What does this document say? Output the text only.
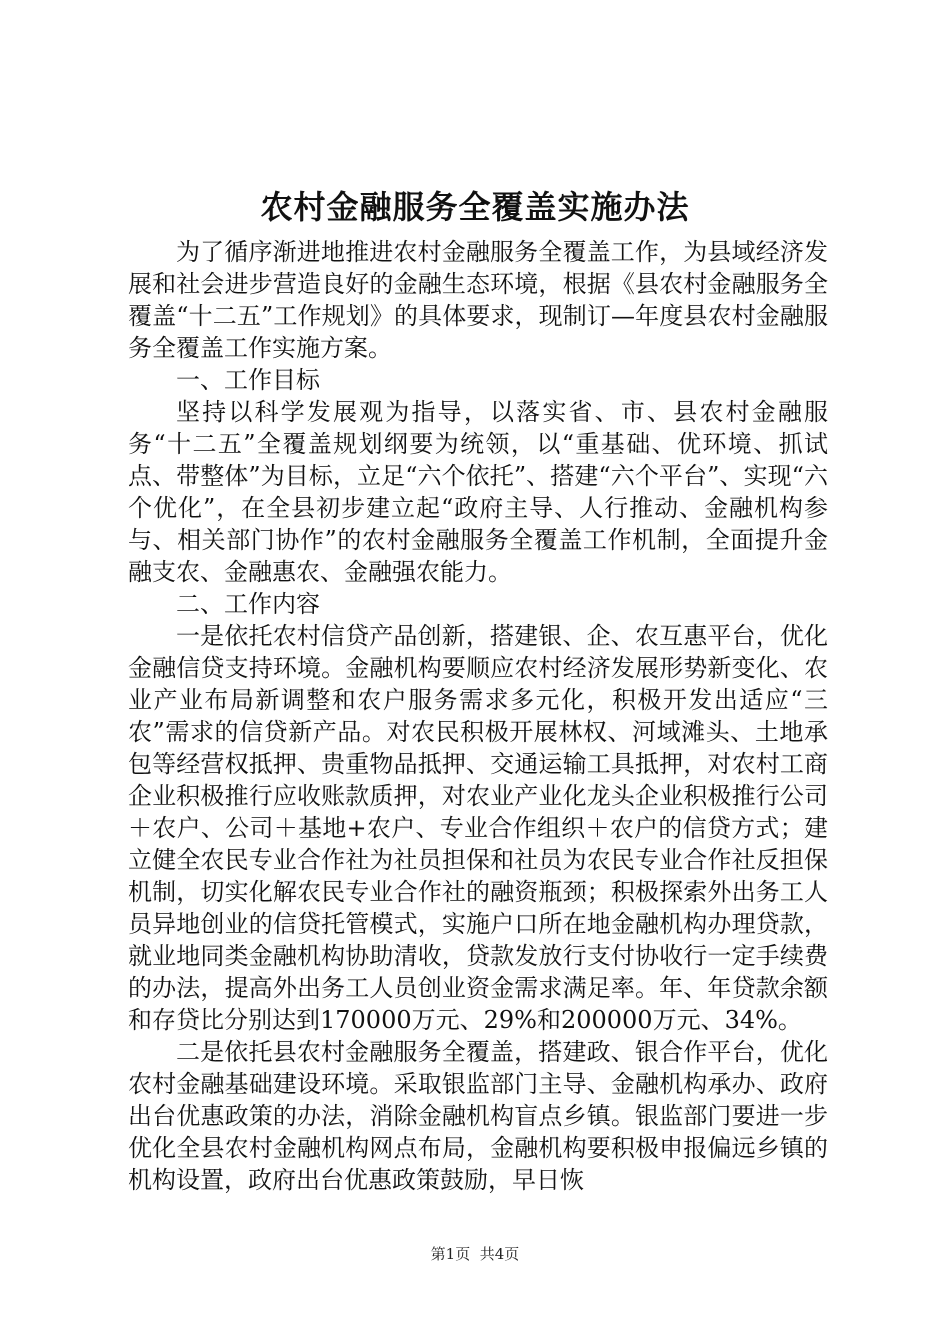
农村金融服务全覆盖实施办法

为了循序渐进地推进农村金融服务全覆盖工作，为县域经济发展和社会进步营造良好的金融生态环境，根据《县农村金融服务全覆盖“十二五”工作规划》的具体要求，现制订—年度县农村金融服务全覆盖工作实施方案。

一、工作目标

坚持以科学发展观为指导，以落实省、市、县农村金融服务“十二五”全覆盖规划纲要为统领，以“重基础、优环境、抓试点、带整体”为目标，立足“六个依托”、搭建“六个平台”、实现“六个优化”，在全县初步建立起“政府主导、人行推动、金融机构参与、相关部门协作”的农村金融服务全覆盖工作机制，全面提升金融支农、金融惠农、金融强农能力。

二、工作内容

一是依托农村信贷产品创新，搭建银、企、农互惠平台，优化金融信贷支持环境。金融机构要顺应农村经济发展形势新变化、农业产业布局新调整和农户服务需求多元化，积极开发出适应“三农”需求的信贷新产品。对农民积极开展林权、河域滩头、土地承包等经营权抵押、贵重物品抵押、交通运输工具抵押，对农村工商企业积极推行应收账款质押，对农业产业化龙头企业积极推行公司＋农户、公司＋基地+农户、专业合作组织＋农户的信贷方式；建立健全农民专业合作社为社员担保和社员为农民专业合作社反担保机制，切实化解农民专业合作社的融资瓶颈；积极探索外出务工人员异地创业的信贷托管模式，实施户口所在地金融机构办理贷款，就业地同类金融机构协助清收，贷款发放行支付协收行一定手续费的办法，提高外出务工人员创业资金需求满足率。年、年贷款余额和存贷比分别达到170000万元、29%和200000万元、34%。

二是依托县农村金融服务全覆盖，搭建政、银合作平台，优化农村金融基础建设环境。采取银监部门主导、金融机构承办、政府出台优惠政策的办法，消除金融机构盲点乡镇。银监部门要进一步优化全县农村金融机构网点布局，金融机构要积极申报偏远乡镇的机构设置，政府出台优惠政策鼓励，早日恢

第1页 共4页
